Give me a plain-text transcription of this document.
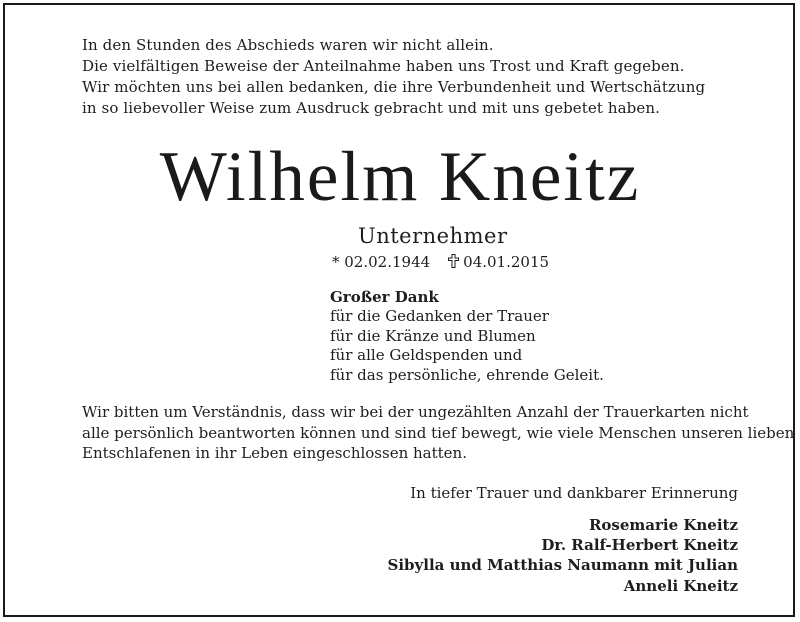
In den Stunden des Abschieds waren wir nicht allein.
Die vielfältigen Beweise der Anteilnahme haben uns Trost und Kraft gegeben.
Wir möchten uns bei allen bedanken, die ihre Verbundenheit und Wertschätzung
in so liebevoller Weise zum Ausdruck gebracht und mit uns gebetet haben.
Wilhelm Kneitz
Unternehmer
* 02.02.1944 04.01.2015
Großer Dank
für die Gedanken der Trauer
für die Kränze und Blumen
für alle Geldspenden und
für das persönliche, ehrende Geleit.
Wir bitten um Verständnis, dass wir bei der ungezählten Anzahl der Trauerkarten nicht
alle persönlich beantworten können und sind tief bewegt, wie viele Menschen unseren lieben
Entschlafenen in ihr Leben eingeschlossen hatten.
In tiefer Trauer und dankbarer Erinnerung
Rosemarie Kneitz
Dr. Ralf-Herbert Kneitz
Sibylla und Matthias Naumann mit Julian
Anneli Kneitz
